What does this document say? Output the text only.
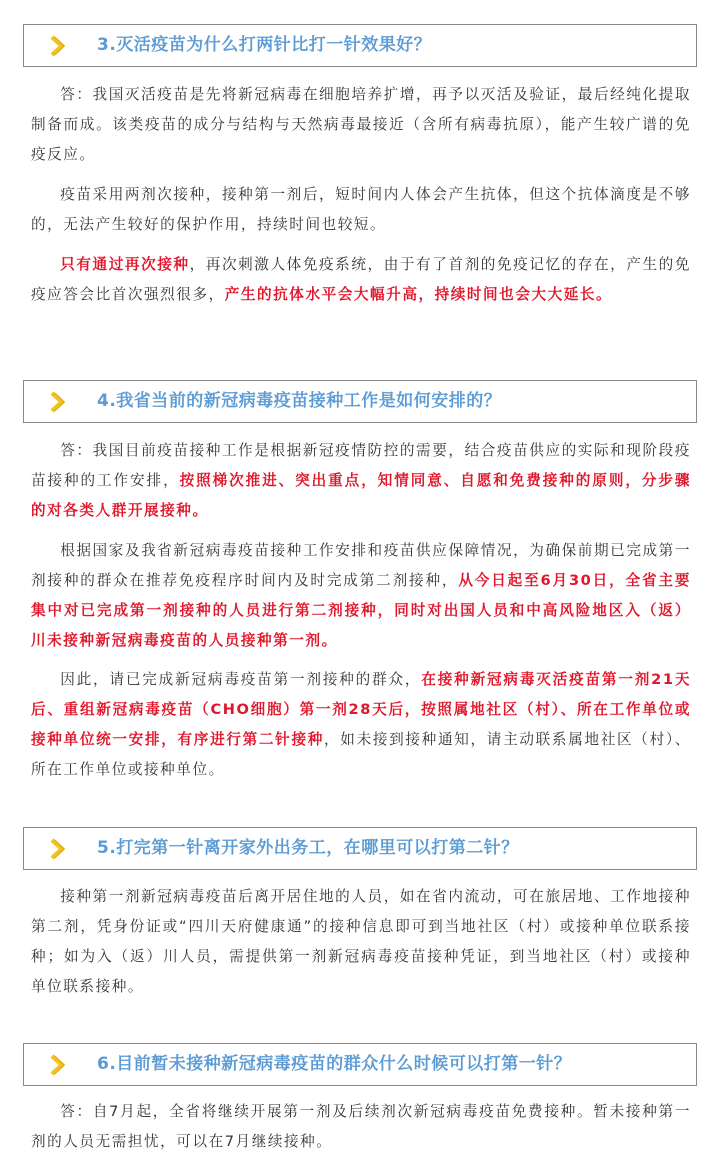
3.灭活疫苗为什么打两针比打一针效果好？

答：我国灭活疫苗是先将新冠病毒在细胞培养扩增，再予以灭活及验证，最后经纯化提取制备而成。该类疫苗的成分与结构与天然病毒最接近（含所有病毒抗原），能产生较广谱的免疫反应。

疫苗采用两剂次接种，接种第一剂后，短时间内人体会产生抗体，但这个抗体滴度是不够的，无法产生较好的保护作用，持续时间也较短。

只有通过再次接种，再次刺激人体免疫系统，由于有了首剂的免疫记忆的存在，产生的免疫应答会比首次强烈很多，产生的抗体水平会大幅升高，持续时间也会大大延长。

4.我省当前的新冠病毒疫苗接种工作是如何安排的？

答：我国目前疫苗接种工作是根据新冠疫情防控的需要，结合疫苗供应的实际和现阶段疫苗接种的工作安排，按照梯次推进、突出重点，知情同意、自愿和免费接种的原则，分步骤的对各类人群开展接种。

根据国家及我省新冠病毒疫苗接种工作安排和疫苗供应保障情况，为确保前期已完成第一剂接种的群众在推荐免疫程序时间内及时完成第二剂接种，从今日起至6月30日，全省主要集中对已完成第一剂接种的人员进行第二剂接种，同时对出国人员和中高风险地区入（返）川未接种新冠病毒疫苗的人员接种第一剂。

因此，请已完成新冠病毒疫苗第一剂接种的群众，在接种新冠病毒灭活疫苗第一剂21天后、重组新冠病毒疫苗（CHO细胞）第一剂28天后，按照属地社区（村）、所在工作单位或接种单位统一安排，有序进行第二针接种，如未接到接种通知，请主动联系属地社区（村）、所在工作单位或接种单位。

5.打完第一针离开家外出务工，在哪里可以打第二针？

接种第一剂新冠病毒疫苗后离开居住地的人员，如在省内流动，可在旅居地、工作地接种第二剂，凭身份证或“四川天府健康通”的接种信息即可到当地社区（村）或接种单位联系接种；如为入（返）川人员，需提供第一剂新冠病毒疫苗接种凭证，到当地社区（村）或接种单位联系接种。

6.目前暂未接种新冠病毒疫苗的群众什么时候可以打第一针？

答：自7月起，全省将继续开展第一剂及后续剂次新冠病毒疫苗免费接种。暂未接种第一剂的人员无需担忧，可以在7月继续接种。
